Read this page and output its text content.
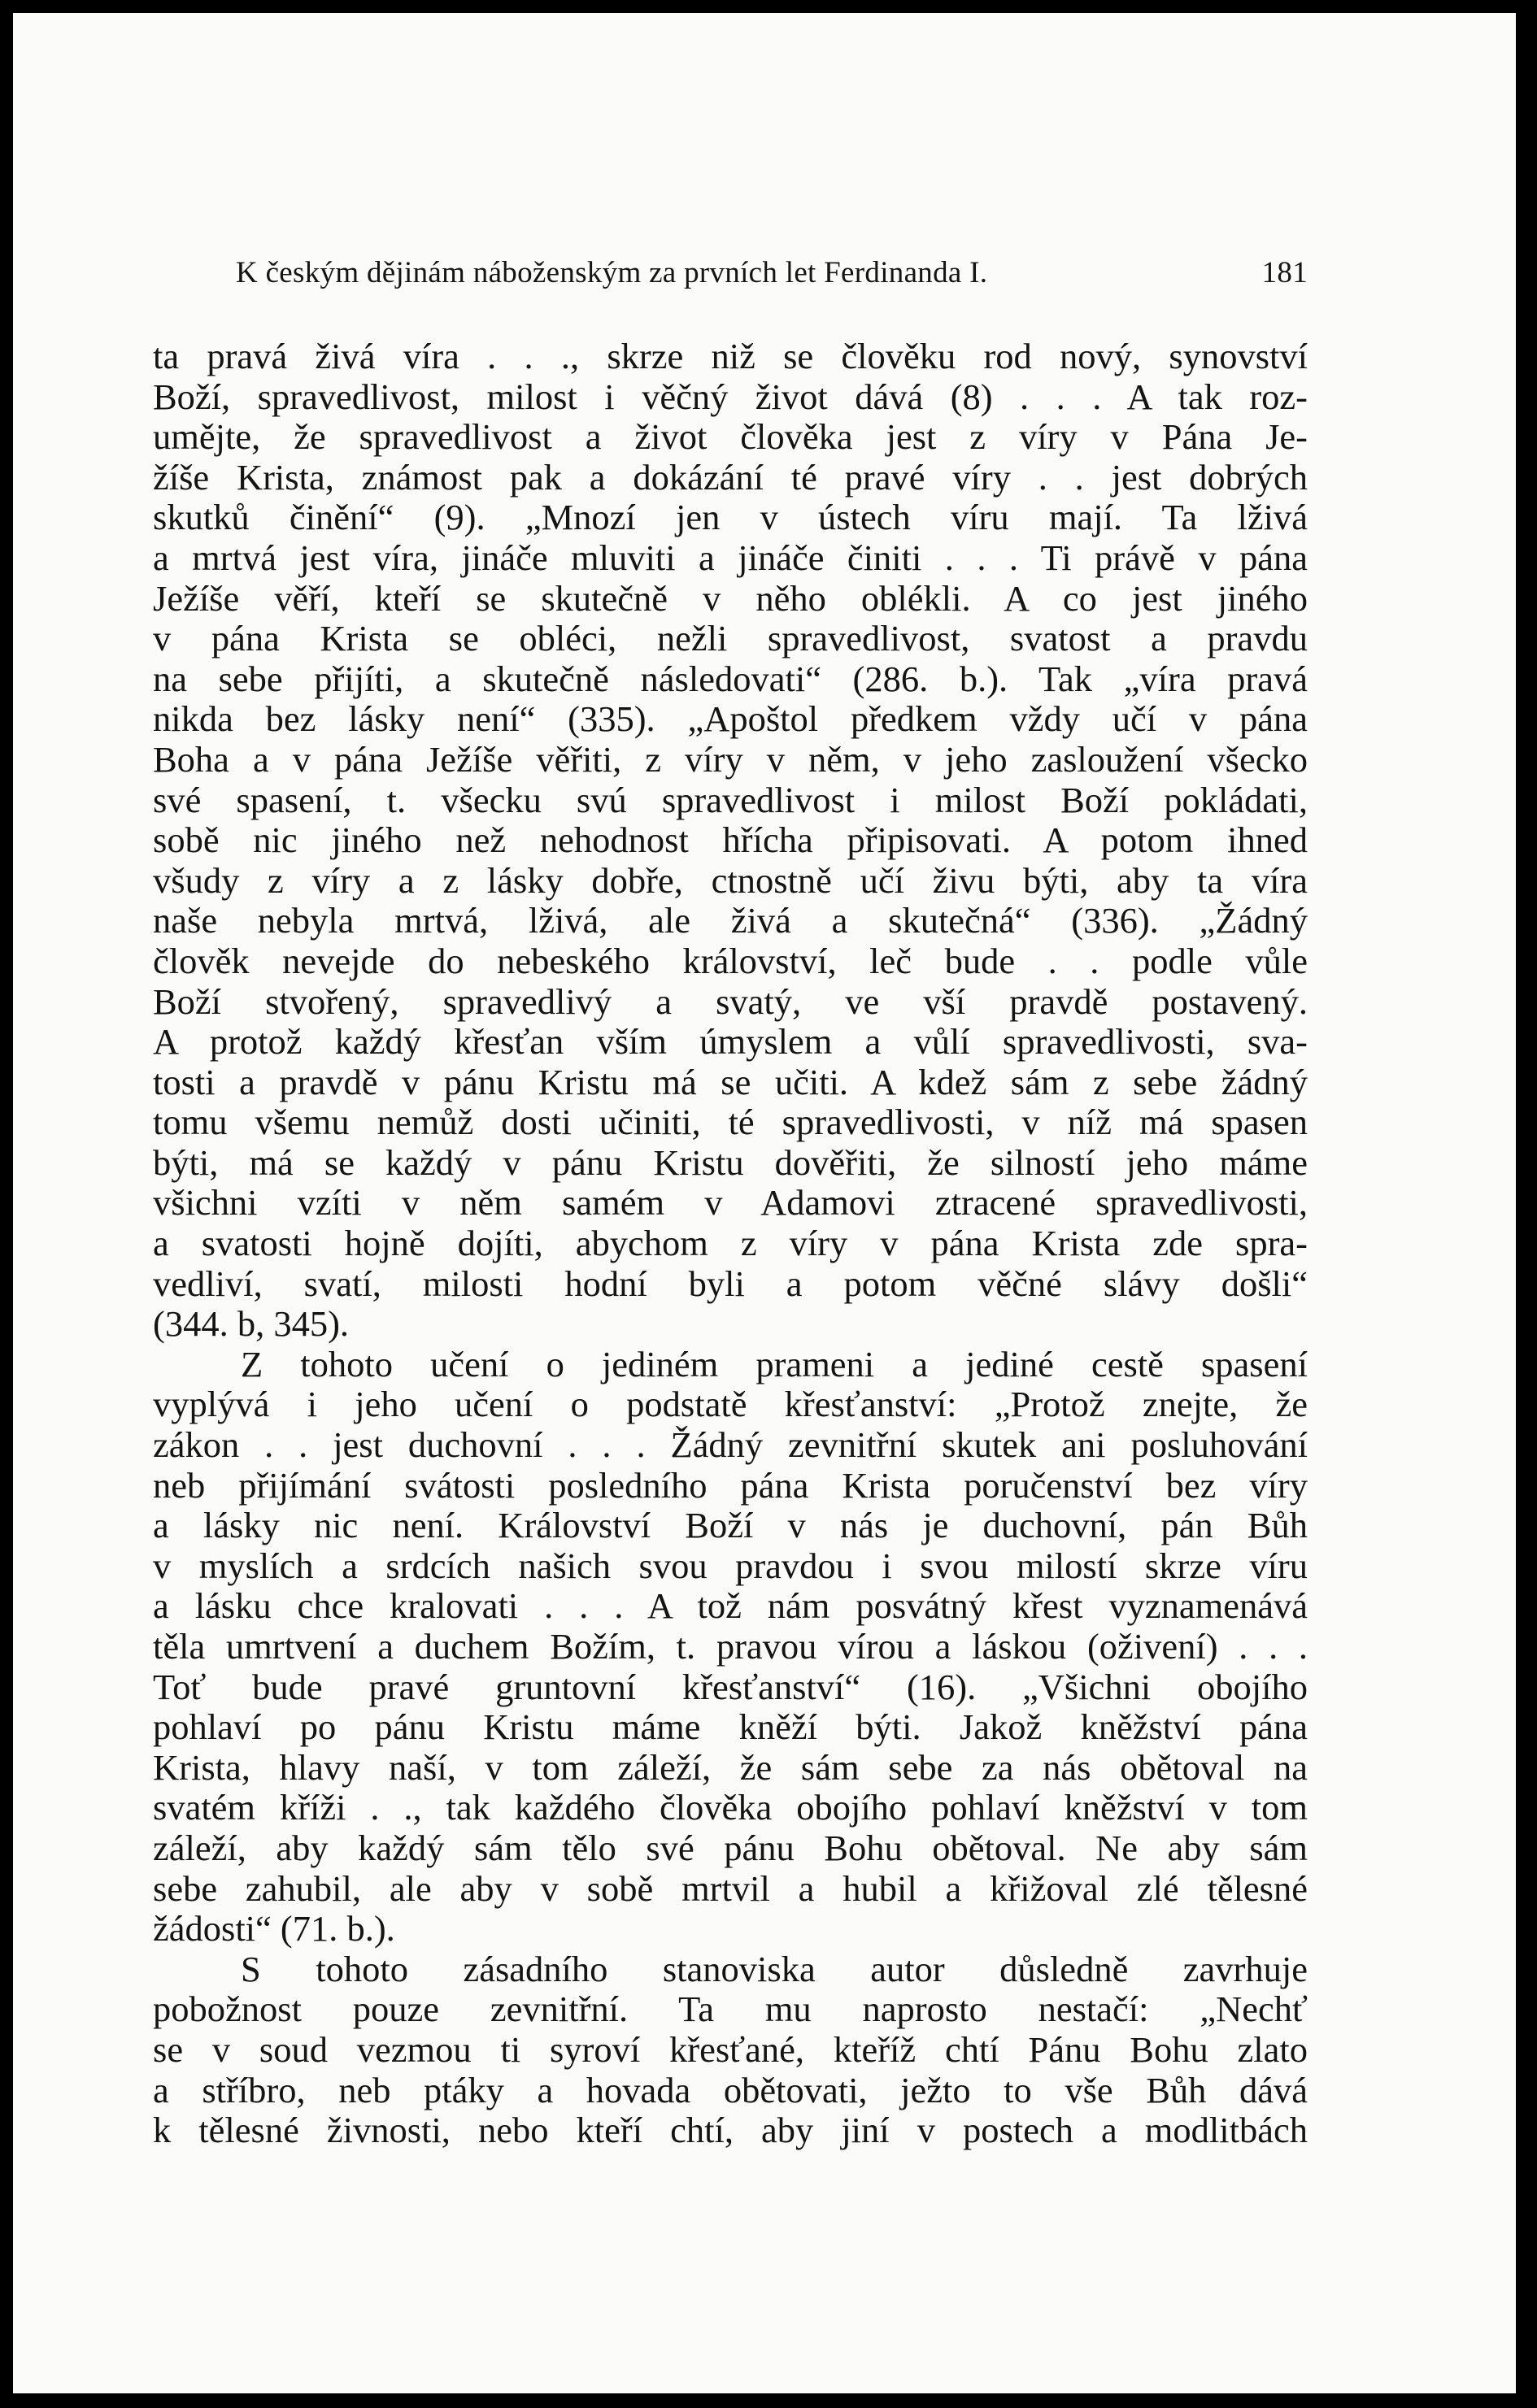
K českým dějinám náboženským za prvních let Ferdinanda I.	181
ta pravá živá víra . . ., skrze niž se člověku rod nový, synovství
Boží, spravedlivost, milost i věčný život dává (8) . . . A tak roz-
umějte, že spravedlivost a život člověka jest z víry v Pána Je-
žíše Krista, známost pak a dokázání té pravé víry . . jest dobrých
skutků činění“ (9). „Mnozí jen v ústech víru mají. Ta lživá
a mrtvá jest víra, jináče mluviti a jináče činiti . . . Ti právě v pána
Ježíše věří, kteří se skutečně v něho oblékli. A co jest jiného
v pána Krista se obléci, nežli spravedlivost, svatost a pravdu
na sebe přijíti, a skutečně následovati“ (286. b.). Tak „víra pravá
nikda bez lásky není“ (335). „Apoštol předkem vždy učí v pána
Boha a v pána Ježíše věřiti, z víry v něm, v jeho zasloužení všecko
své spasení, t. všecku svú spravedlivost i milost Boží pokládati,
sobě nic jiného než nehodnost hřícha připisovati. A potom ihned
všudy z víry a z lásky dobře, ctnostně učí živu býti, aby ta víra
naše nebyla mrtvá, lživá, ale živá a skutečná“ (336). „Žádný
člověk nevejde do nebeského království, leč bude . . podle vůle
Boží stvořený, spravedlivý a svatý, ve vší pravdě postavený.
A protož každý křesťan vším úmyslem a vůlí spravedlivosti, sva-
tosti a pravdě v pánu Kristu má se učiti. A kdež sám z sebe žádný
tomu všemu nemůž dosti učiniti, té spravedlivosti, v níž má spasen
býti, má se každý v pánu Kristu dověřiti, že silností jeho máme
všichni vzíti v něm samém v Adamovi ztracené spravedlivosti,
a svatosti hojně dojíti, abychom z víry v pána Krista zde spra-
vedliví, svatí, milosti hodní byli a potom věčné slávy došli“
(344. b, 345).
Z tohoto učení o jediném prameni a jediné cestě spasení
vyplývá i jeho učení o podstatě křesťanství: „Protož znejte, že
zákon . . jest duchovní . . . Žádný zevnitřní skutek ani posluhování
neb přijímání svátosti posledního pána Krista poručenství bez víry
a lásky nic není. Království Boží v nás je duchovní, pán Bůh
v myslích a srdcích našich svou pravdou i svou milostí skrze víru
a lásku chce kralovati . . . A tož nám posvátný křest vyznamenává
těla umrtvení a duchem Božím, t. pravou vírou a láskou (oživení) . . .
Toť bude pravé gruntovní křesťanství“ (16). „Všichni obojího
pohlaví po pánu Kristu máme kněží býti. Jakož kněžství pána
Krista, hlavy naší, v tom záleží, že sám sebe za nás obětoval na
svatém kříži . ., tak každého člověka obojího pohlaví kněžství v tom
záleží, aby každý sám tělo své pánu Bohu obětoval. Ne aby sám
sebe zahubil, ale aby v sobě mrtvil a hubil a křižoval zlé tělesné
žádosti“ (71. b.).
S tohoto zásadního stanoviska autor důsledně zavrhuje
pobožnost pouze zevnitřní. Ta mu naprosto nestačí: „Nechť
se v soud vezmou ti syroví křesťané, kteříž chtí Pánu Bohu zlato
a stříbro, neb ptáky a hovada obětovati, ježto to vše Bůh dává
k tělesné živnosti, nebo kteří chtí, aby jiní v postech a modlitbách
